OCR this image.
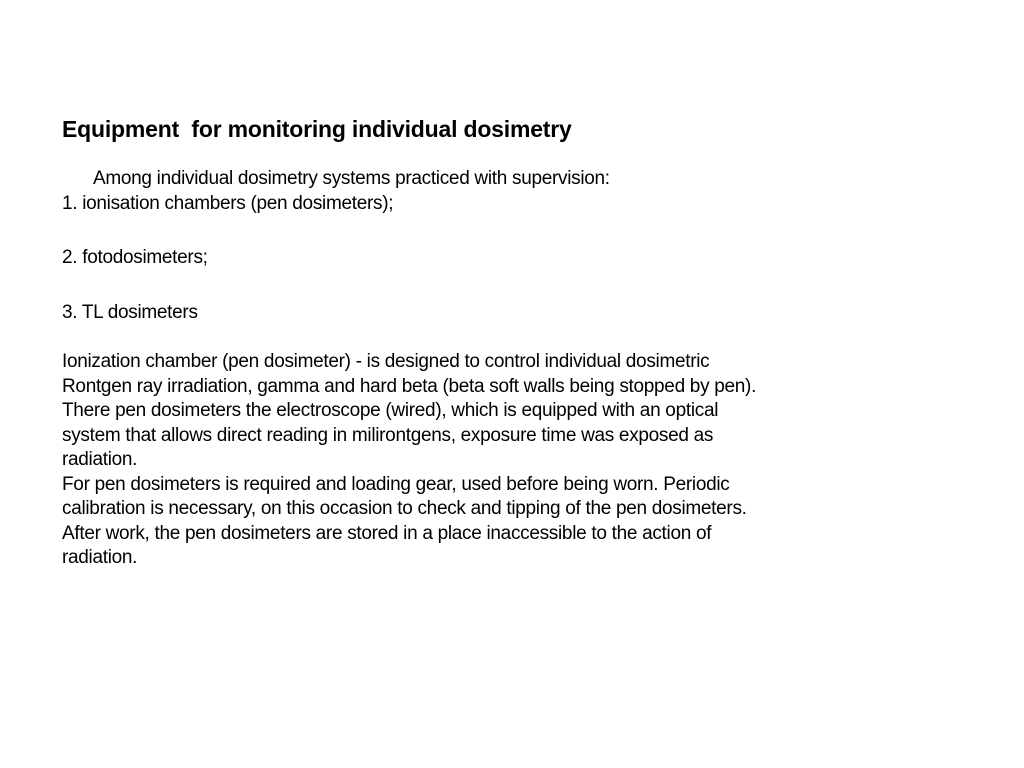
Equipment  for monitoring individual dosimetry
Among individual dosimetry systems practiced with supervision:
1. ionisation chambers (pen dosimeters);
2. fotodosimeters;
3. TL dosimeters
Ionization chamber (pen dosimeter) - is designed to control individual dosimetric
Rontgen ray irradiation, gamma and hard beta (beta soft walls being stopped by pen).
There pen dosimeters the electroscope (wired), which is equipped with an optical
system that allows direct reading in milirontgens, exposure time was exposed as
radiation.
For pen dosimeters is required and loading gear, used before being worn. Periodic
calibration is necessary, on this occasion to check and tipping of the pen dosimeters.
After work, the pen dosimeters are stored in a place inaccessible to the action of
radiation.
